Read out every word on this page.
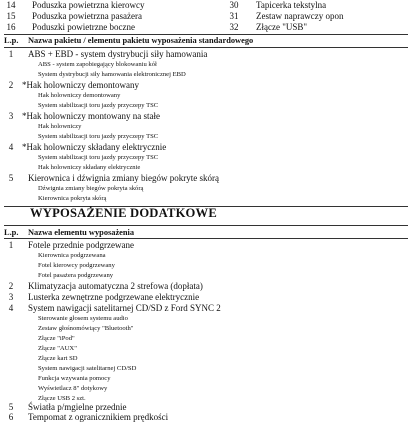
14 Poduszka powietrzna kierowcy
15 Poduszka powietrzna pasażera
16 Poduszki powietrzne boczne
30 Tapicerka tekstylna
31 Zestaw naprawczy opon
32 Złącze "USB"
L.p. Nazwa pakietu / elementu pakietu wyposażenia standardowego
1	ABS + EBD - system dystrybucji siły hamowania
ABS - system zapobiegający blokowaniu kół
System dystrybucji siły hamowania elektronicznej EBD
2 *Hak holowniczy demontowany
Hak holowniczy demontowany
System stabilizacji toru jazdy przyczepy TSC
3 *Hak holowniczy montowany na stałe
Hak holowniczy
System stabilizacji toru jazdy przyczepy TSC
4 *Hak holowniczy składany elektrycznie
System stabilizacji toru jazdy przyczepy TSC
Hak holowniczy składany elektrycznie
5	Kierownica i dźwignia zmiany biegów pokryte skórą
Dźwignia zmiany biegów pokryta skórą
Kierownica pokryta skórą
WYPOSAŻENIE DODATKOWE
L.p. Nazwa elementu wyposażenia
1	Fotele przednie podgrzewane
Kierownica podgrzewana
Fotel kierowcy podgrzewany
Fotel pasażera podgrzewany
2	Klimatyzacja automatyczna 2 strefowa (dopłata)
3	Lusterka zewnętrzne podgrzewane elektrycznie
4	System nawigacji satelitarnej CD/SD z Ford SYNC 2
Sterowanie głosem systemu audio
Zestaw głośnomówiący "Bluetooth"
Złącze "iPod"
Złącze "AUX"
Złącze kart SD
System nawigacji satelitarnej CD/SD
Funkcja wzywania pomocy
Wyświetlacz 8" dotykowy
Złącze USB 2 szt.
5	Światła p/mgielne przednie
6	Tempomat z ogranicznikiem prędkości
